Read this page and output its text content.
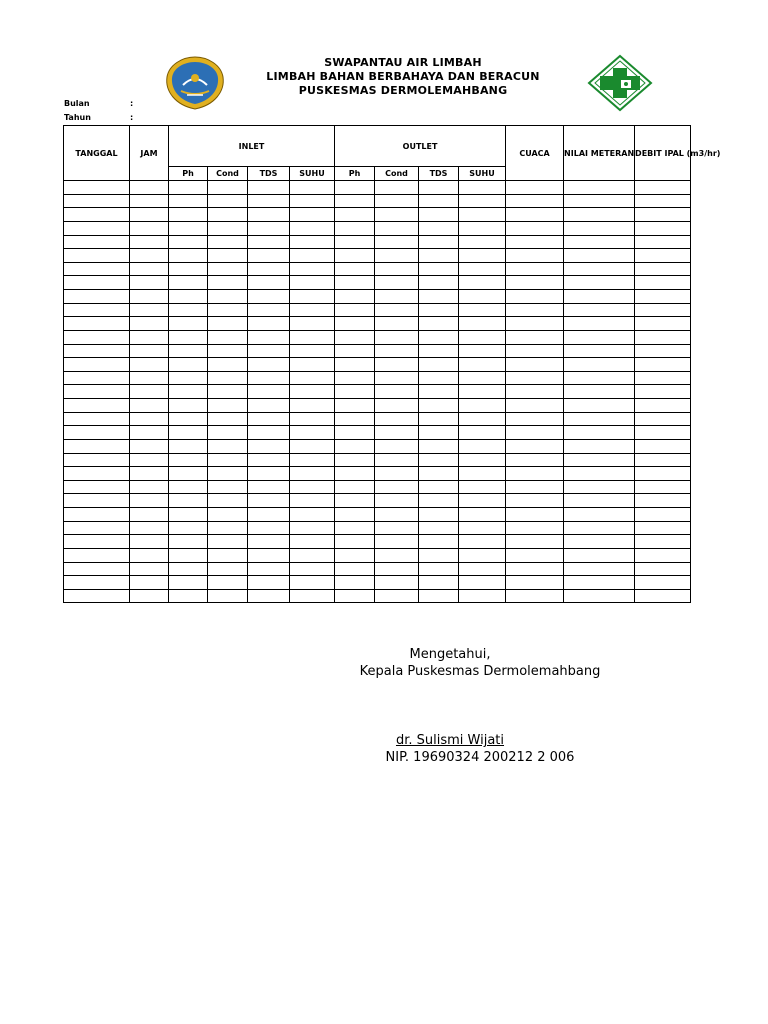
SWAPANTAU AIR LIMBAH
LIMBAH BAHAN BERBAHAYA DAN BERACUN
PUSKESMAS DERMOLEMAHBANG
Bulan	:
Tahun	:
TANGGAL	JAM	INLET				OUTLET				CUACA	NILAI METERAN	DEBIT IPAL (m3/hr)
		Ph	Cond	TDS	SUHU	Ph	Cond	TDS	SUHU			

Mengetahui,
Kepala Puskesmas Dermolemahbang
dr. Sulismi Wijati
NIP. 19690324 200212 2 006
